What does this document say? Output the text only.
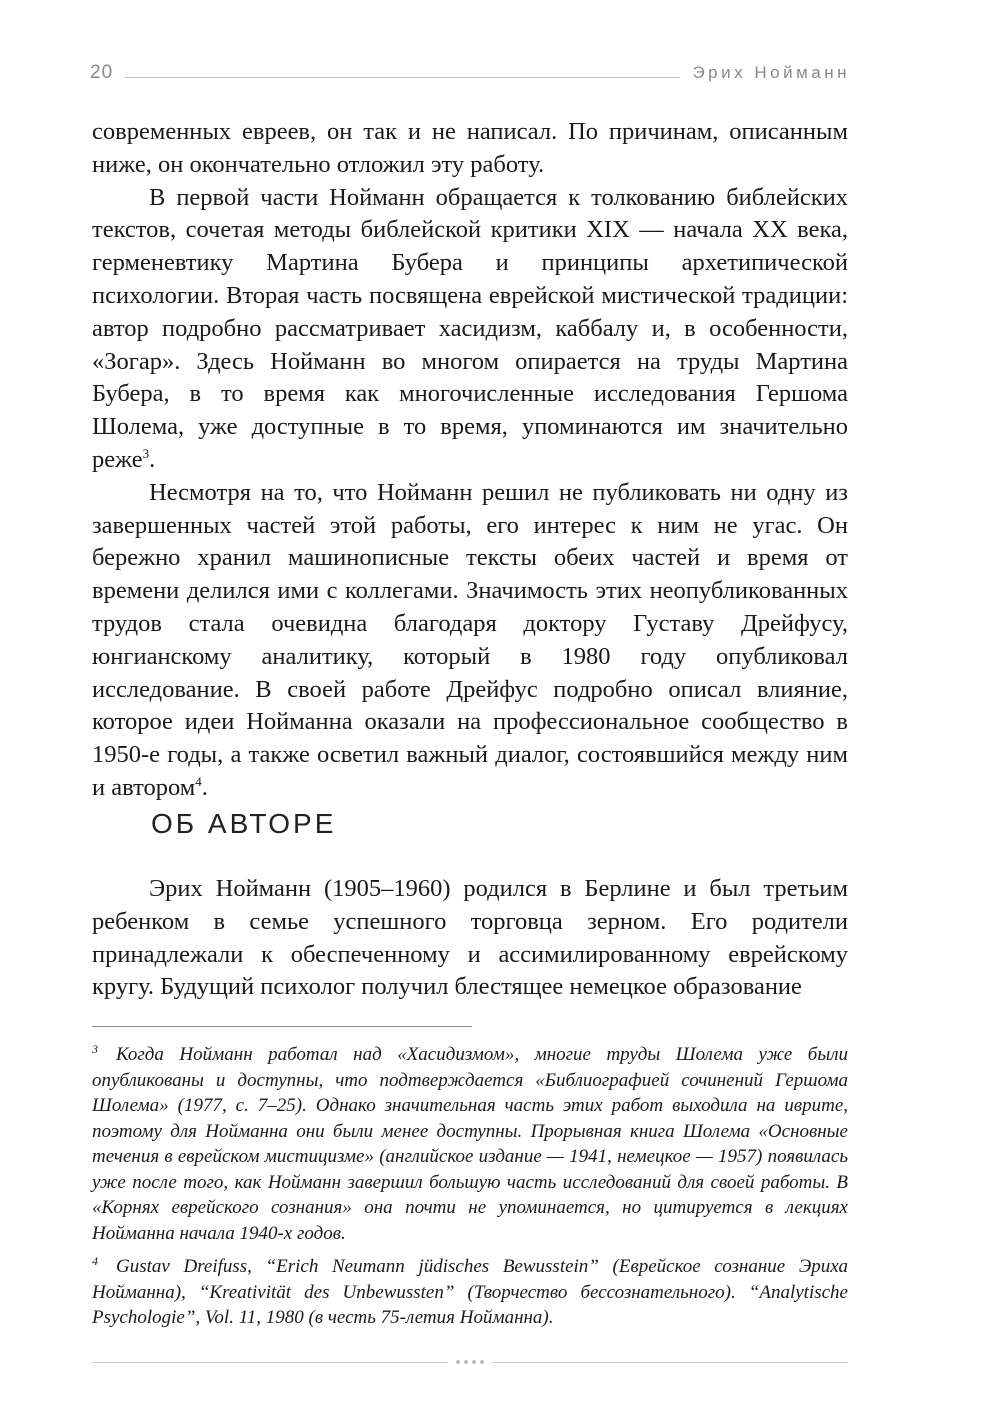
20	Эрих Нойманн

современных евреев, он так и не написал. По причинам, описанным ниже, он окончательно отложил эту работу.

В первой части Нойманн обращается к толкованию библейских текстов, сочетая методы библейской критики XIX — начала XX века, герменевтику Мартина Бубера и принципы архетипической психологии. Вторая часть посвящена еврейской мистической традиции: автор подробно рассматривает хасидизм, каббалу и, в особенности, «Зогар». Здесь Нойманн во многом опирается на труды Мартина Бубера, в то время как многочисленные исследования Гершома Шолема, уже доступные в то время, упоминаются им значительно реже$^3$.

Несмотря на то, что Нойманн решил не публиковать ни одну из завершенных частей этой работы, его интерес к ним не угас. Он бережно хранил машинописные тексты обеих частей и время от времени делился ими с коллегами. Значимость этих неопубликованных трудов стала очевидна благодаря доктору Густаву Дрейфусу, юнгианскому аналитику, который в 1980 году опубликовал исследование. В своей работе Дрейфус подробно описал влияние, которое идеи Нойманна оказали на профессиональное сообщество в 1950-е годы, а также осветил важный диалог, состоявшийся между ним и автором$^4$.

ОБ АВТОРЕ

Эрих Нойманн (1905–1960) родился в Берлине и был третьим ребенком в семье успешного торговца зерном. Его родители принадлежали к обеспеченному и ассимилированному еврейскому кругу. Будущий психолог получил блестящее немецкое образование

$^3$ Когда Нойманн работал над «Хасидизмом», многие труды Шолема уже были опубликованы и доступны, что подтверждается «Библиографией сочинений Гершома Шолема» (1977, с. 7–25). Однако значительная часть этих работ выходила на иврите, поэтому для Нойманна они были менее доступны. Прорывная книга Шолема «Основные течения в еврейском мистицизме» (английское издание — 1941, немецкое — 1957) появилась уже после того, как Нойманн завершил большую часть исследований для своей работы. В «Корнях еврейского сознания» она почти не упоминается, но цитируется в лекциях Нойманна начала 1940-х годов.

$^4$ Gustav Dreifuss, “Erich Neumann jüdisches Bewusstein” (Еврейское сознание Эриха Нойманна), “Kreativität des Unbewussten” (Творчество бессознательного). “Analytische Psychologie”, Vol. 11, 1980 (в честь 75-летия Нойманна).
